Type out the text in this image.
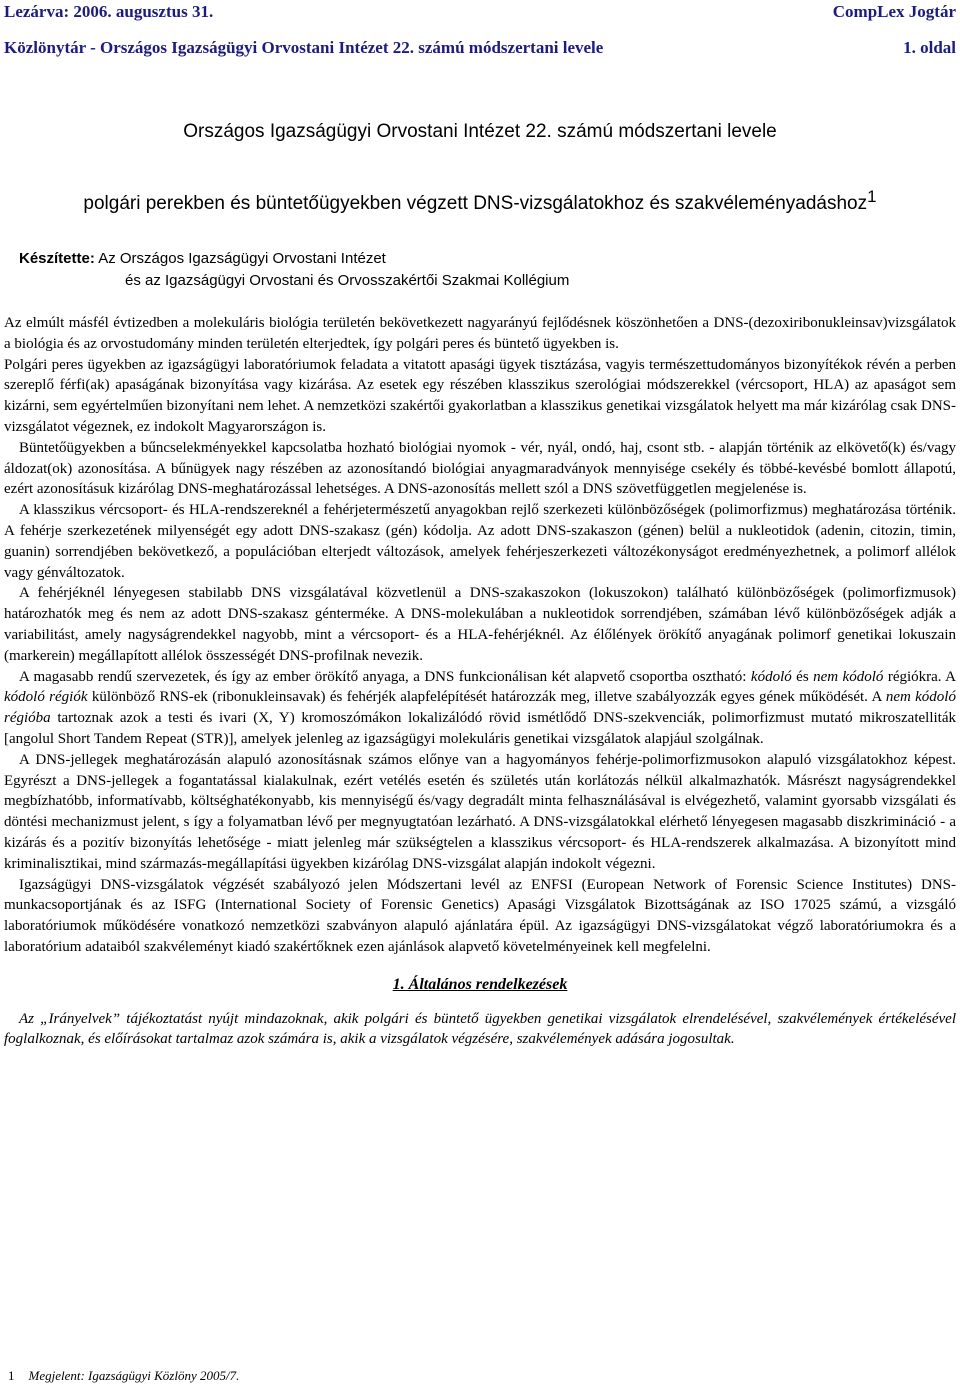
Lezárva: 2006. augusztus 31.	CompLex Jogtár
Közlönytár - Országos Igazságügyi Orvostani Intézet 22. számú módszertani levele	1. oldal
Országos Igazságügyi Orvostani Intézet 22. számú módszertani levele
polgári perekben és büntetőügyekben végzett DNS-vizsgálatokhoz és szakvéleményadáshoz$^1$
Készítette: Az Országos Igazságügyi Orvostani Intézet
és az Igazságügyi Orvostani és Orvosszakértői Szakmai Kollégium

Az elmúlt másfél évtizedben a molekuláris biológia területén bekövetkezett nagyarányú fejlődésnek köszönhetően a DNS-(dezoxiribonukleinsav)vizsgálatok a biológia és az orvostudomány minden területén elterjedtek, így polgári peres és büntető ügyekben is.

Polgári peres ügyekben az igazságügyi laboratóriumok feladata a vitatott apasági ügyek tisztázása, vagyis természettudományos bizonyítékok révén a perben szereplő férfi(ak) apaságának bizonyítása vagy kizárása. Az esetek egy részében klasszikus szerológiai módszerekkel (vércsoport, HLA) az apaságot sem kizárni, sem egyértelműen bizonyítani nem lehet. A nemzetközi szakértői gyakorlatban a klasszikus genetikai vizsgálatok helyett ma már kizárólag csak DNS-vizsgálatot végeznek, ez indokolt Magyarországon is.

Büntetőügyekben a bűncselekményekkel kapcsolatba hozható biológiai nyomok - vér, nyál, ondó, haj, csont stb. - alapján történik az elkövető(k) és/vagy áldozat(ok) azonosítása. A bűnügyek nagy részében az azonosítandó biológiai anyagmaradványok mennyisége csekély és többé-kevésbé bomlott állapotú, ezért azonosításuk kizárólag DNS-meghatározással lehetséges. A DNS-azonosítás mellett szól a DNS szövetfüggetlen megjelenése is.

A klasszikus vércsoport- és HLA-rendszereknél a fehérjetermészetű anyagokban rejlő szerkezeti különbözőségek (polimorfizmus) meghatározása történik. A fehérje szerkezetének milyenségét egy adott DNS-szakasz (gén) kódolja. Az adott DNS-szakaszon (génen) belül a nukleotidok (adenin, citozin, timin, guanin) sorrendjében bekövetkező, a populációban elterjedt változások, amelyek fehérjeszerkezeti változékonyságot eredményezhetnek, a polimorf allélok vagy génváltozatok.

A fehérjéknél lényegesen stabilabb DNS vizsgálatával közvetlenül a DNS-szakaszokon (lokuszokon) található különbözőségek (polimorfizmusok) határozhatók meg és nem az adott DNS-szakasz génterméke. A DNS-molekulában a nukleotidok sorrendjében, számában lévő különbözőségek adják a variabilitást, amely nagyságrendekkel nagyobb, mint a vércsoport- és a HLA-fehérjéknél. Az élőlények örökítő anyagának polimorf genetikai lokuszain (markerein) megállapított allélok összességét DNS-profilnak nevezik.

A magasabb rendű szervezetek, és így az ember örökítő anyaga, a DNS funkcionálisan két alapvető csoportba osztható: kódoló és nem kódoló régiókra. A kódoló régiók különböző RNS-ek (ribonukleinsavak) és fehérjék alapfelépítését határozzák meg, illetve szabályozzák egyes gének működését. A nem kódoló régióba tartoznak azok a testi és ivari (X, Y) kromoszómákon lokalizálódó rövid ismétlődő DNS-szekvenciák, polimorfizmust mutató mikroszatelliták [angolul Short Tandem Repeat (STR)], amelyek jelenleg az igazságügyi molekuláris genetikai vizsgálatok alapjául szolgálnak.

A DNS-jellegek meghatározásán alapuló azonosításnak számos előnye van a hagyományos fehérje-polimorfizmusokon alapuló vizsgálatokhoz képest. Egyrészt a DNS-jellegek a fogantatással kialakulnak, ezért vetélés esetén és születés után korlátozás nélkül alkalmazhatók. Másrészt nagyságrendekkel megbízhatóbb, informatívabb, költséghatékonyabb, kis mennyiségű és/vagy degradált minta felhasználásával is elvégezhető, valamint gyorsabb vizsgálati és döntési mechanizmust jelent, s így a folyamatban lévő per megnyugtatóan lezárható. A DNS-vizsgálatokkal elérhető lényegesen magasabb diszkrimináció - a kizárás és a pozitív bizonyítás lehetősége - miatt jelenleg már szükségtelen a klasszikus vércsoport- és HLA-rendszerek alkalmazása. A bizonyított mind kriminalisztikai, mind származás-megállapítási ügyekben kizárólag DNS-vizsgálat alapján indokolt végezni.

Igazságügyi DNS-vizsgálatok végzését szabályozó jelen Módszertani levél az ENFSI (European Network of Forensic Science Institutes) DNS-munkacsoportjának és az ISFG (International Society of Forensic Genetics) Apasági Vizsgálatok Bizottságának az ISO 17025 számú, a vizsgáló laboratóriumok működésére vonatkozó nemzetközi szabványon alapuló ajánlatára épül. Az igazságügyi DNS-vizsgálatokat végző laboratóriumokra és a laboratórium adataiból szakvéleményt kiadó szakértőknek ezen ajánlások alapvető követelményeinek kell megfelelni.

1. Általános rendelkezések

Az „Irányelvek” tájékoztatást nyújt mindazoknak, akik polgári és büntető ügyekben genetikai vizsgálatok elrendelésével, szakvélemények értékelésével foglalkoznak, és előírásokat tartalmaz azok számára is, akik a vizsgálatok végzésére, szakvélemények adására jogosultak.

1 Megjelent: Igazságügyi Közlöny 2005/7.
